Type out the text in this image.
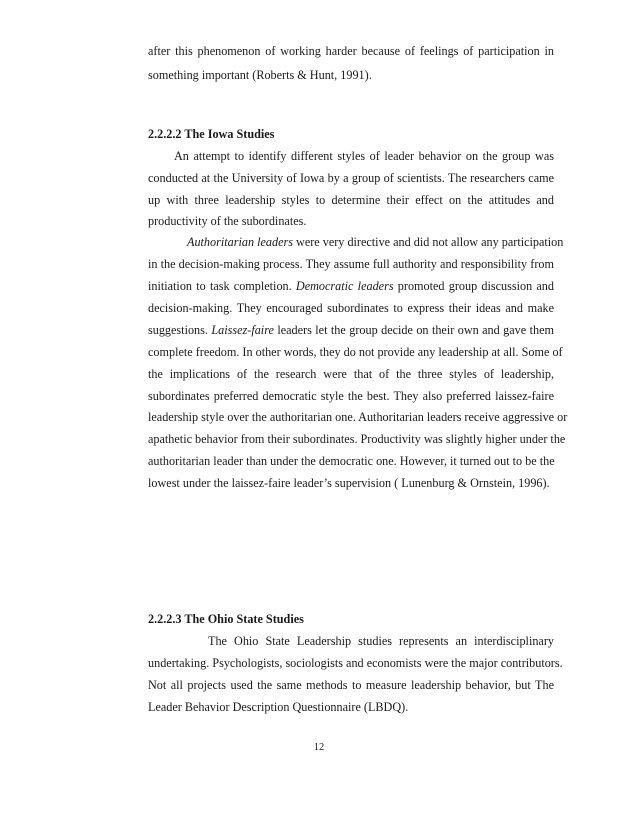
after this phenomenon of working harder because of feelings of participation in
something important (Roberts & Hunt, 1991).
2.2.2.2 The Iowa Studies
An attempt to identify different styles of leader behavior on the group was
conducted at the University of Iowa by a group of scientists. The researchers came
up with three leadership styles to determine their effect on the attitudes and
productivity of the subordinates.
Authoritarian leaders were very directive and did not allow any participation
in the decision-making process. They assume full authority and responsibility from
initiation to task completion. Democratic leaders promoted group discussion and
decision-making. They encouraged subordinates to express their ideas and make
suggestions. Laissez-faire leaders let the group decide on their own and gave them
complete freedom. In other words, they do not provide any leadership at all. Some of
the implications of the research were that of the three styles of leadership,
subordinates preferred democratic style the best. They also preferred laissez-faire
leadership style over the authoritarian one. Authoritarian leaders receive aggressive or
apathetic behavior from their subordinates. Productivity was slightly higher under the
authoritarian leader than under the democratic one. However, it turned out to be the
lowest under the laissez-faire leader’s supervision ( Lunenburg & Ornstein, 1996).
2.2.2.3 The Ohio State Studies
The Ohio State Leadership studies represents an interdisciplinary
undertaking. Psychologists, sociologists and economists were the major contributors.
Not all projects used the same methods to measure leadership behavior, but The
Leader Behavior Description Questionnaire (LBDQ).
12
